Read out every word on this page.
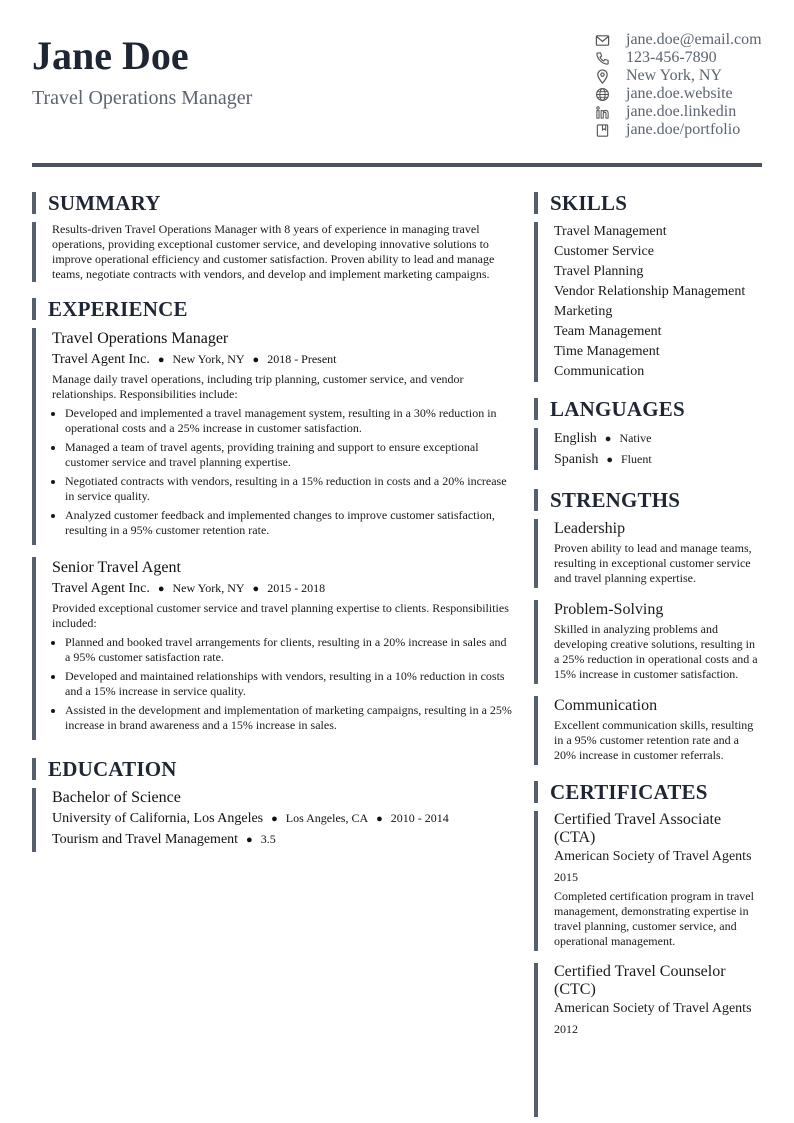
Jane Doe
Travel Operations Manager
jane.doe@email.com
123-456-7890
New York, NY
jane.doe.website
jane.doe.linkedin
jane.doe/portfolio
SUMMARY

Results-driven Travel Operations Manager with 8 years of experience in managing travel operations, providing exceptional customer service, and developing innovative solutions to improve operational efficiency and customer satisfaction. Proven ability to lead and manage teams, negotiate contracts with vendors, and develop and implement marketing campaigns.

EXPERIENCE
Travel Operations Manager
Travel Agent Inc. ● New York, NY ● 2018 - Present

Manage daily travel operations, including trip planning, customer service, and vendor relationships. Responsibilities include:

• Developed and implemented a travel management system, resulting in a 30% reduction in operational costs and a 25% increase in customer satisfaction.
• Managed a team of travel agents, providing training and support to ensure exceptional customer service and travel planning expertise.
• Negotiated contracts with vendors, resulting in a 15% reduction in costs and a 20% increase in service quality.
• Analyzed customer feedback and implemented changes to improve customer satisfaction, resulting in a 95% customer retention rate.
Senior Travel Agent
Travel Agent Inc. ● New York, NY ● 2015 - 2018

Provided exceptional customer service and travel planning expertise to clients. Responsibilities included:

• Planned and booked travel arrangements for clients, resulting in a 20% increase in sales and a 95% customer satisfaction rate.
• Developed and maintained relationships with vendors, resulting in a 10% reduction in costs and a 15% increase in service quality.
• Assisted in the development and implementation of marketing campaigns, resulting in a 25% increase in brand awareness and a 15% increase in sales.
EDUCATION
Bachelor of Science
University of California, Los Angeles ● Los Angeles, CA ● 2010 - 2014
Tourism and Travel Management ● 3.5
SKILLS
Travel Management
Customer Service
Travel Planning
Vendor Relationship Management
Marketing
Team Management
Time Management
Communication
LANGUAGES
English ● Native
Spanish ● Fluent
STRENGTHS
Leadership
Proven ability to lead and manage teams, resulting in exceptional customer service and travel planning expertise.
Problem-Solving
Skilled in analyzing problems and developing creative solutions, resulting in a 25% reduction in operational costs and a 15% increase in customer satisfaction.
Communication
Excellent communication skills, resulting in a 95% customer retention rate and a 20% increase in customer referrals.
CERTIFICATES
Certified Travel Associate (CTA)
American Society of Travel Agents
2015
Completed certification program in travel management, demonstrating expertise in travel planning, customer service, and operational management.
Certified Travel Counselor (CTC)
American Society of Travel Agents
2012
